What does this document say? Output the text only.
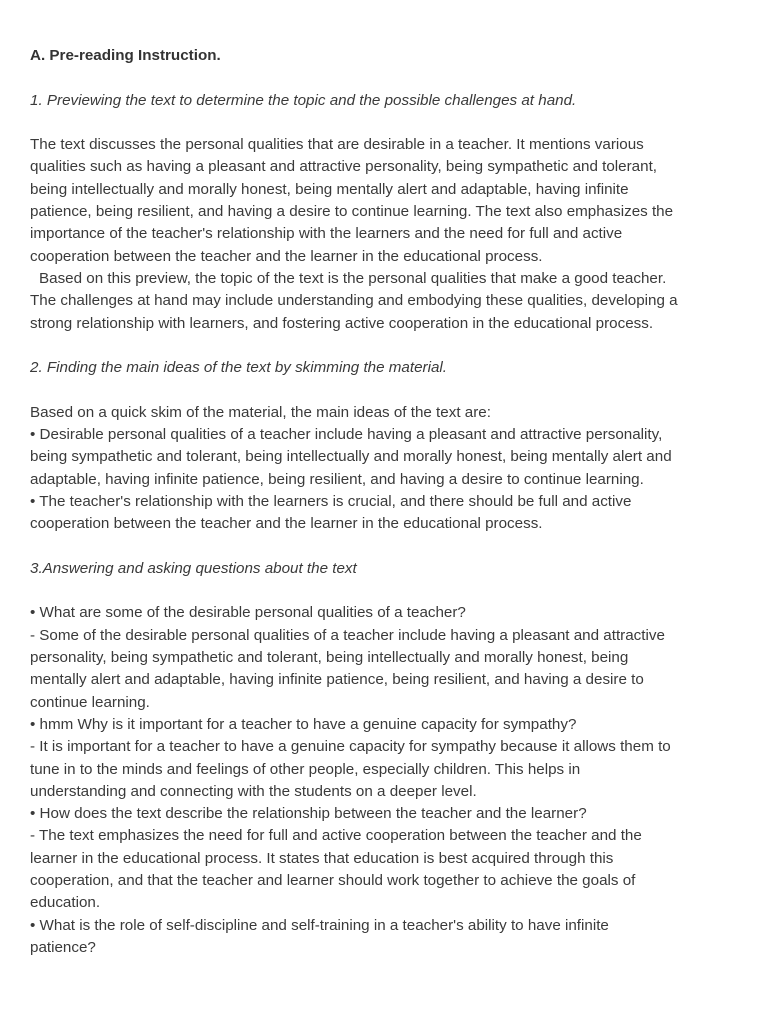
A. Pre-reading Instruction.
1. Previewing the text to determine the topic and the possible challenges at hand.
The text discusses the personal qualities that are desirable in a teacher. It mentions various
qualities such as having a pleasant and attractive personality, being sympathetic and tolerant,
being intellectually and morally honest, being mentally alert and adaptable, having infinite
patience, being resilient, and having a desire to continue learning. The text also emphasizes the
importance of the teacher's relationship with the learners and the need for full and active
cooperation between the teacher and the learner in the educational process.
Based on this preview, the topic of the text is the personal qualities that make a good teacher.
The challenges at hand may include understanding and embodying these qualities, developing a
strong relationship with learners, and fostering active cooperation in the educational process.
2. Finding the main ideas of the text by skimming the material.
Based on a quick skim of the material, the main ideas of the text are:
• Desirable personal qualities of a teacher include having a pleasant and attractive personality,
being sympathetic and tolerant, being intellectually and morally honest, being mentally alert and
adaptable, having infinite patience, being resilient, and having a desire to continue learning.
• The teacher's relationship with the learners is crucial, and there should be full and active
cooperation between the teacher and the learner in the educational process.
3.Answering and asking questions about the text
• What are some of the desirable personal qualities of a teacher?
- Some of the desirable personal qualities of a teacher include having a pleasant and attractive
personality, being sympathetic and tolerant, being intellectually and morally honest, being
mentally alert and adaptable, having infinite patience, being resilient, and having a desire to
continue learning.
• hmm Why is it important for a teacher to have a genuine capacity for sympathy?
- It is important for a teacher to have a genuine capacity for sympathy because it allows them to
tune in to the minds and feelings of other people, especially children. This helps in
understanding and connecting with the students on a deeper level.
• How does the text describe the relationship between the teacher and the learner?
- The text emphasizes the need for full and active cooperation between the teacher and the
learner in the educational process. It states that education is best acquired through this
cooperation, and that the teacher and learner should work together to achieve the goals of
education.
• What is the role of self-discipline and self-training in a teacher's ability to have infinite
patience?
